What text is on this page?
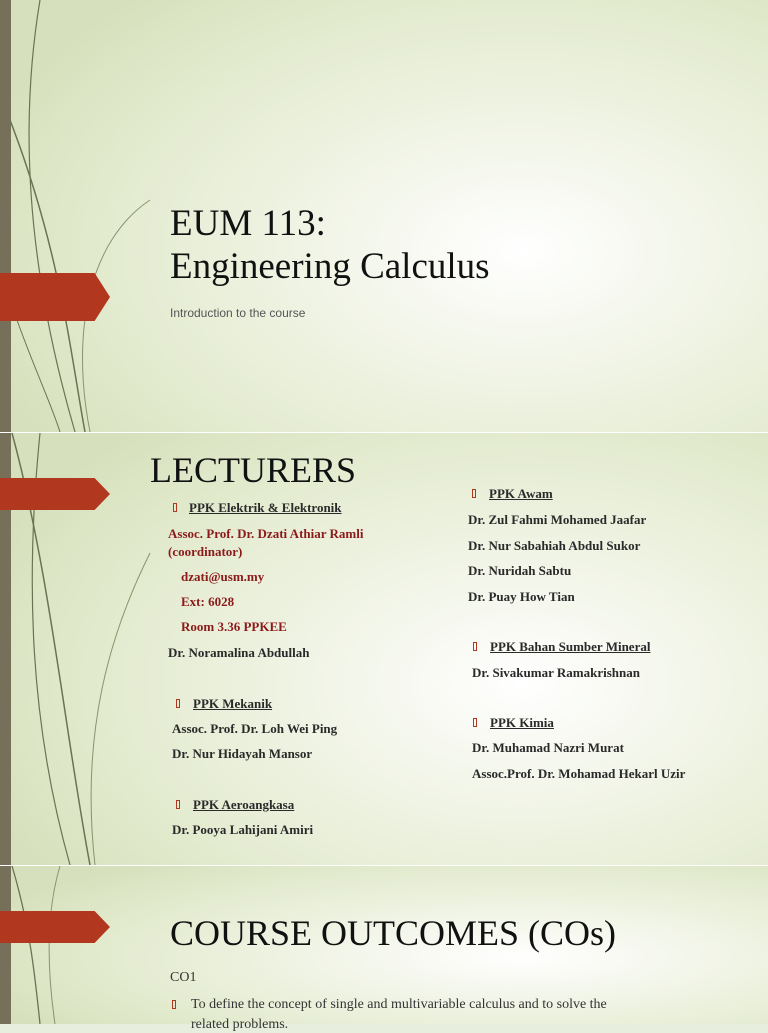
EUM 113:
Engineering Calculus
Introduction to the course
LECTURERS
PPK Elektrik & Elektronik
Assoc. Prof. Dr. Dzati Athiar Ramli
(coordinator)
dzati@usm.my
Ext: 6028
Room 3.36 PPKEE
Dr. Noramalina Abdullah
PPK Mekanik
Assoc. Prof. Dr. Loh Wei Ping
Dr. Nur Hidayah Mansor
PPK Aeroangkasa
Dr. Pooya Lahijani Amiri
PPK Awam
Dr. Zul Fahmi Mohamed Jaafar
Dr. Nur Sabahiah Abdul Sukor
Dr. Nuridah Sabtu
Dr. Puay How Tian
PPK Bahan Sumber Mineral
Dr. Sivakumar Ramakrishnan
PPK Kimia
Dr. Muhamad Nazri Murat
Assoc.Prof. Dr. Mohamad Hekarl Uzir
COURSE OUTCOMES (COs)
CO1
To define the concept of single and multivariable calculus and to solve the
related problems.
